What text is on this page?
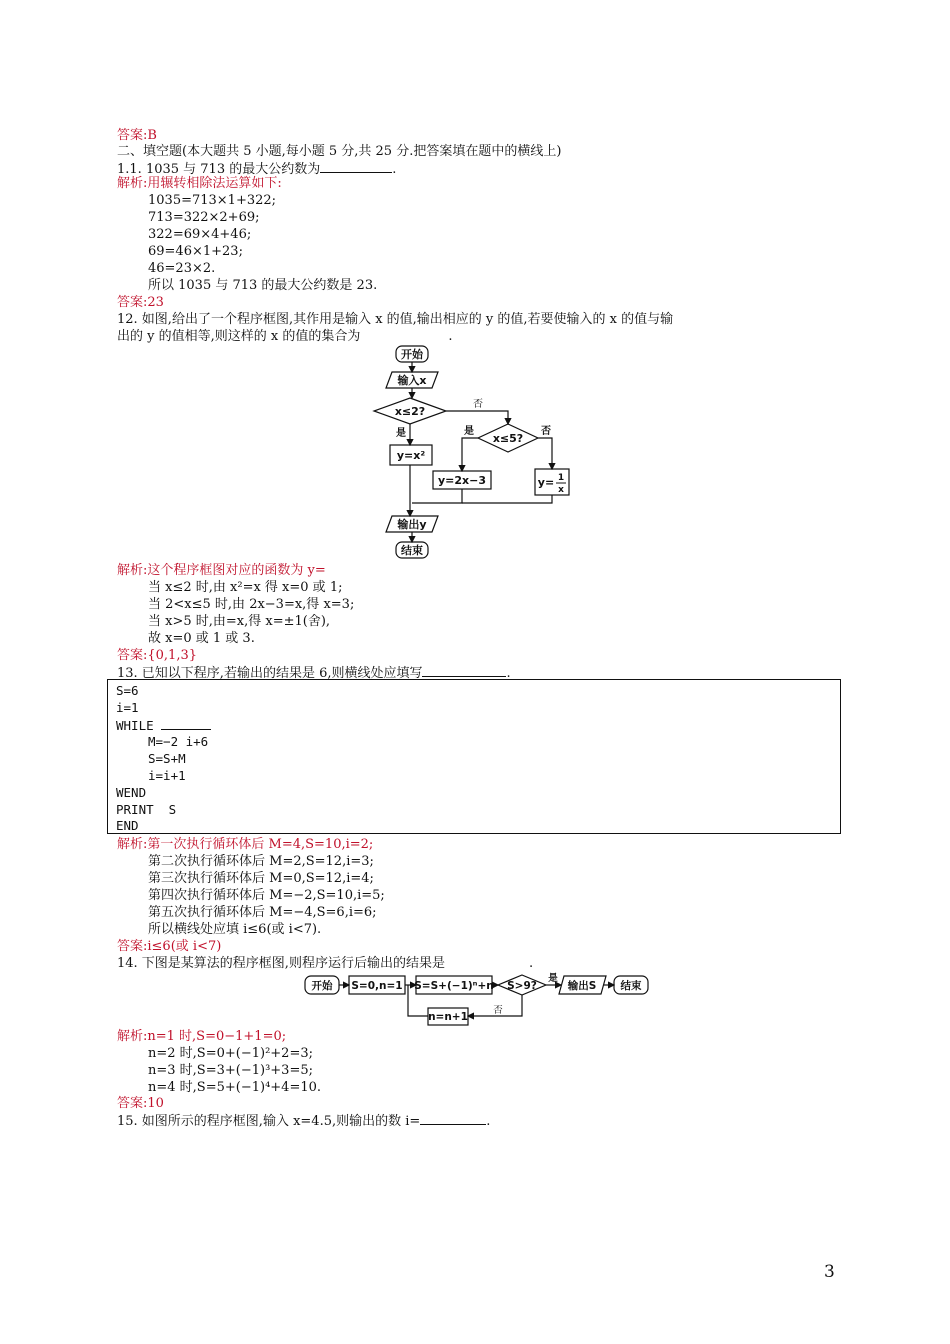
答案:B
二、填空题(本大题共 5 小题,每小题 5 分,共 25 分.把答案填在题中的横线上)
1.1. 1035 与 713 的最大公约数为	.
解析:用辗转相除法运算如下:
1035=713×1+322;
713=322×2+69;
322=69×4+46;
69=46×1+23;
46=23×2.
所以 1035 与 713 的最大公约数是 23.
答案:23
12. 如图,给出了一个程序框图,其作用是输入 x 的值,输出相应的 y 的值,若要使输入的 x 的值与输
出的 y 的值相等,则这样的 x 的值的集合为	.
开始
输入x
x≤2?
否
是	x≤5?
是	否
y=x²
y=2x−3	y= 1
x
输出y
结束
解析:这个程序框图对应的函数为 y=
当 x≤2 时,由 x²=x 得 x=0 或 1;
当 2<x≤5 时,由 2x−3=x,得 x=3;
当 x>5 时,由=x,得 x=±1(舍),
故 x=0 或 1 或 3.
答案:{0,1,3}
13. 已知以下程序,若输出的结果是 6,则横线处应填写	.
S=6
i=1
WHILE
M=−2 i+6
S=S+M
i=i+1
WEND
PRINT  S
END
解析:第一次执行循环体后 M=4,S=10,i=2;
第二次执行循环体后 M=2,S=12,i=3;
第三次执行循环体后 M=0,S=12,i=4;
第四次执行循环体后 M=−2,S=10,i=5;
第五次执行循环体后 M=−4,S=6,i=6;
所以横线处应填 i≤6(或 i<7).
答案:i≤6(或 i<7)
14. 下图是某算法的程序框图,则程序运行后输出的结果是	.
开始 S=0,n=1 S=S+(−1)ⁿ+n S>9?
是
输出S 结束
n=n+1
否
解析:n=1 时,S=0−1+1=0;
n=2 时,S=0+(−1)²+2=3;
n=3 时,S=3+(−1)³+3=5;
n=4 时,S=5+(−1)⁴+4=10.
答案:10
15. 如图所示的程序框图,输入 x=4.5,则输出的数 i=	.
3
